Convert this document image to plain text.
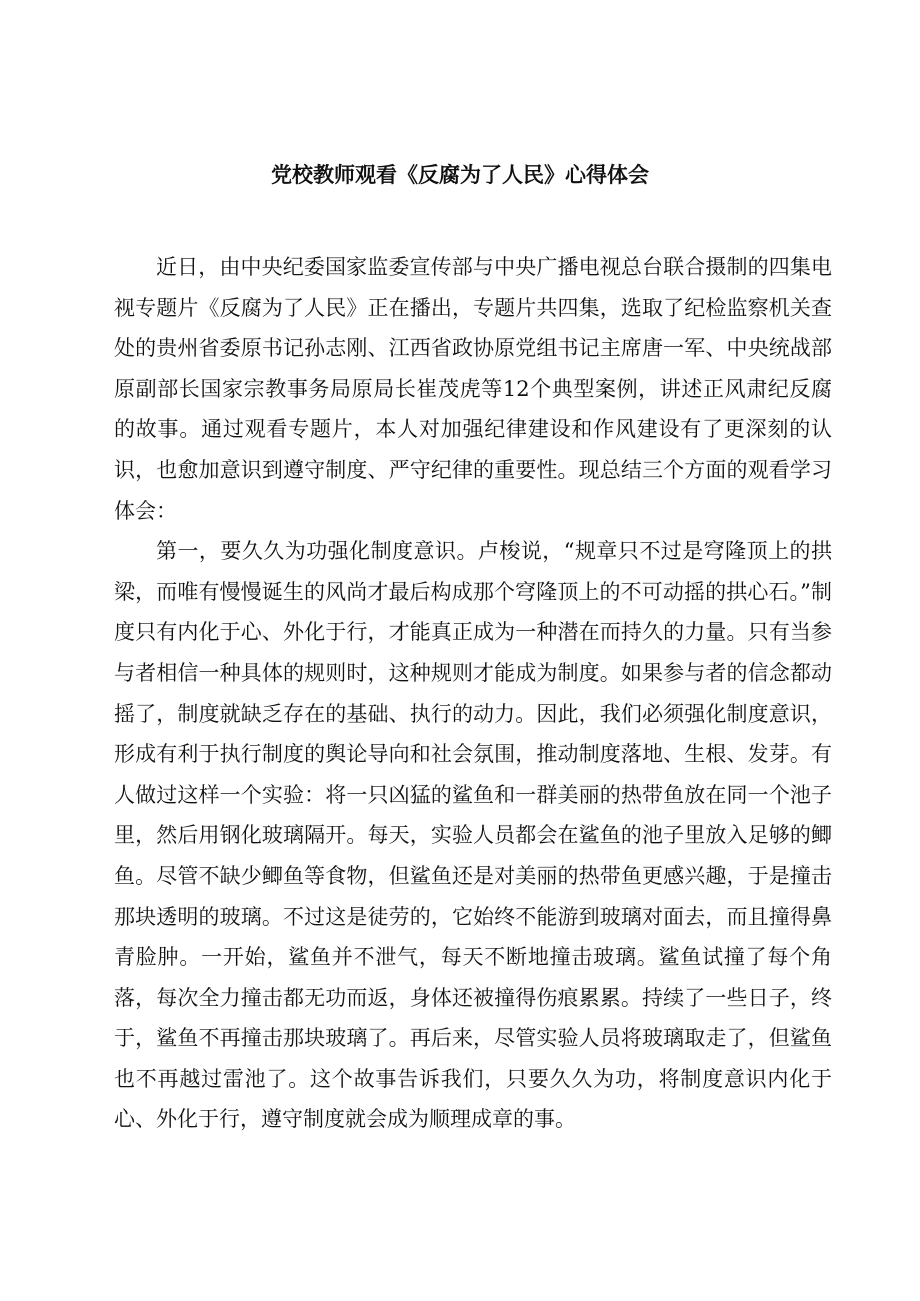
党校教师观看《反腐为了人民》心得体会

近日，由中央纪委国家监委宣传部与中央广播电视总台联合摄制的四集电视专题片《反腐为了人民》正在播出，专题片共四集，选取了纪检监察机关查处的贵州省委原书记孙志刚、江西省政协原党组书记主席唐一军、中央统战部原副部长国家宗教事务局原局长崔茂虎等12个典型案例，讲述正风肃纪反腐的故事。通过观看专题片，本人对加强纪律建设和作风建设有了更深刻的认识，也愈加意识到遵守制度、严守纪律的重要性。现总结三个方面的观看学习体会：

第一，要久久为功强化制度意识。卢梭说，“规章只不过是穹隆顶上的拱梁，而唯有慢慢诞生的风尚才最后构成那个穹隆顶上的不可动摇的拱心石。”制度只有内化于心、外化于行，才能真正成为一种潜在而持久的力量。只有当参与者相信一种具体的规则时，这种规则才能成为制度。如果参与者的信念都动摇了，制度就缺乏存在的基础、执行的动力。因此，我们必须强化制度意识，形成有利于执行制度的舆论导向和社会氛围，推动制度落地、生根、发芽。有人做过这样一个实验：将一只凶猛的鲨鱼和一群美丽的热带鱼放在同一个池子里，然后用钢化玻璃隔开。每天，实验人员都会在鲨鱼的池子里放入足够的鲫鱼。尽管不缺少鲫鱼等食物，但鲨鱼还是对美丽的热带鱼更感兴趣，于是撞击那块透明的玻璃。不过这是徒劳的，它始终不能游到玻璃对面去，而且撞得鼻青脸肿。一开始，鲨鱼并不泄气，每天不断地撞击玻璃。鲨鱼试撞了每个角落，每次全力撞击都无功而返，身体还被撞得伤痕累累。持续了一些日子，终于，鲨鱼不再撞击那块玻璃了。再后来，尽管实验人员将玻璃取走了，但鲨鱼也不再越过雷池了。这个故事告诉我们，只要久久为功，将制度意识内化于心、外化于行，遵守制度就会成为顺理成章的事。
